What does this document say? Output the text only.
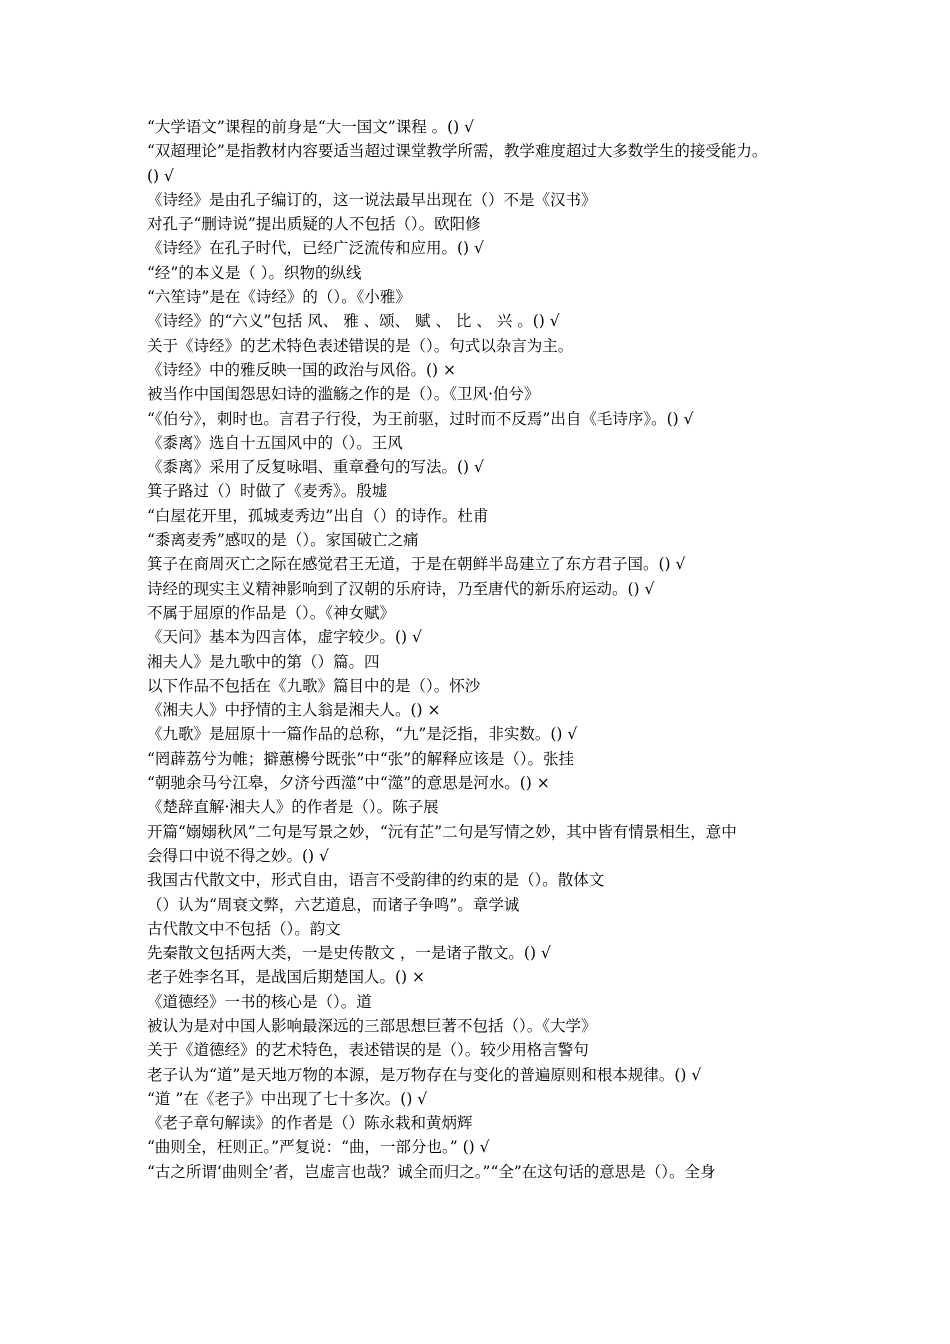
“大学语文”课程的前身是“大一国文”课程 。() √
“双超理论”是指教材内容要适当超过课堂教学所需，教学难度超过大多数学生的接受能力。
() √
《诗经》是由孔子编订的，这一说法最早出现在（）不是《汉书》
对孔子“删诗说”提出质疑的人不包括（）。欧阳修
《诗经》在孔子时代，已经广泛流传和应用。() √
“经”的本义是（ ）。织物的纵线
“六笙诗”是在《诗经》的（）。《小雅》
《诗经》的“六义”包括 风、 雅 、颂、 赋 、 比 、 兴 。() √
关于《诗经》的艺术特色表述错误的是（）。句式以杂言为主。
《诗经》中的雅反映一国的政治与风俗。() ×
被当作中国闺怨思妇诗的滥觞之作的是（）。《卫风·伯兮》
“《伯兮》，刺时也。言君子行役，为王前驱，过时而不反焉”出自《毛诗序》。() √
《黍离》选自十五国风中的（）。王风
《黍离》采用了反复咏唱、重章叠句的写法。() √
箕子路过（）时做了《麦秀》。殷墟
“白屋花开里，孤城麦秀边”出自（）的诗作。杜甫
“黍离麦秀”感叹的是（）。家国破亡之痛
箕子在商周灭亡之际在感觉君王无道，于是在朝鲜半岛建立了东方君子国。() √
诗经的现实主义精神影响到了汉朝的乐府诗，乃至唐代的新乐府运动。() √
不属于屈原的作品是（）。《神女赋》
《天问》基本为四言体，虚字较少。() √
湘夫人》是九歌中的第（）篇。四
以下作品不包括在《九歌》篇目中的是（）。怀沙
《湘夫人》中抒情的主人翁是湘夫人。() ×
《九歌》是屈原十一篇作品的总称，“九”是泛指，非实数。() √
“罔薜荔兮为帷；擗蕙櫋兮既张”中“张”的解释应该是（）。张挂
“朝驰余马兮江皋，夕济兮西澨”中“澨”的意思是河水。() ×
《楚辞直解·湘夫人》的作者是（）。陈子展
开篇“嫋嫋秋风”二句是写景之妙，“沅有芷”二句是写情之妙，其中皆有情景相生，意中
会得口中说不得之妙。() √
我国古代散文中，形式自由，语言不受韵律的约束的是（）。散体文
（）认为“周衰文弊，六艺道息，而诸子争鸣”。章学诚
古代散文中不包括（）。韵文
先秦散文包括两大类，一是史传散文 ，一是诸子散文。() √
老子姓李名耳，是战国后期楚国人。() ×
《道德经》一书的核心是（）。道
被认为是对中国人影响最深远的三部思想巨著不包括（）。《大学》
关于《道德经》的艺术特色，表述错误的是（）。较少用格言警句
老子认为“道”是天地万物的本源，是万物存在与变化的普遍原则和根本规律。() √
“道 ”在《老子》中出现了七十多次。() √
《老子章句解读》的作者是（）陈永栽和黄炳辉
“曲则全，枉则正。”严复说：“曲，一部分也。” () √
“古之所谓‘曲则全’者，岂虚言也哉？诚全而归之。”“全”在这句话的意思是（）。全身
